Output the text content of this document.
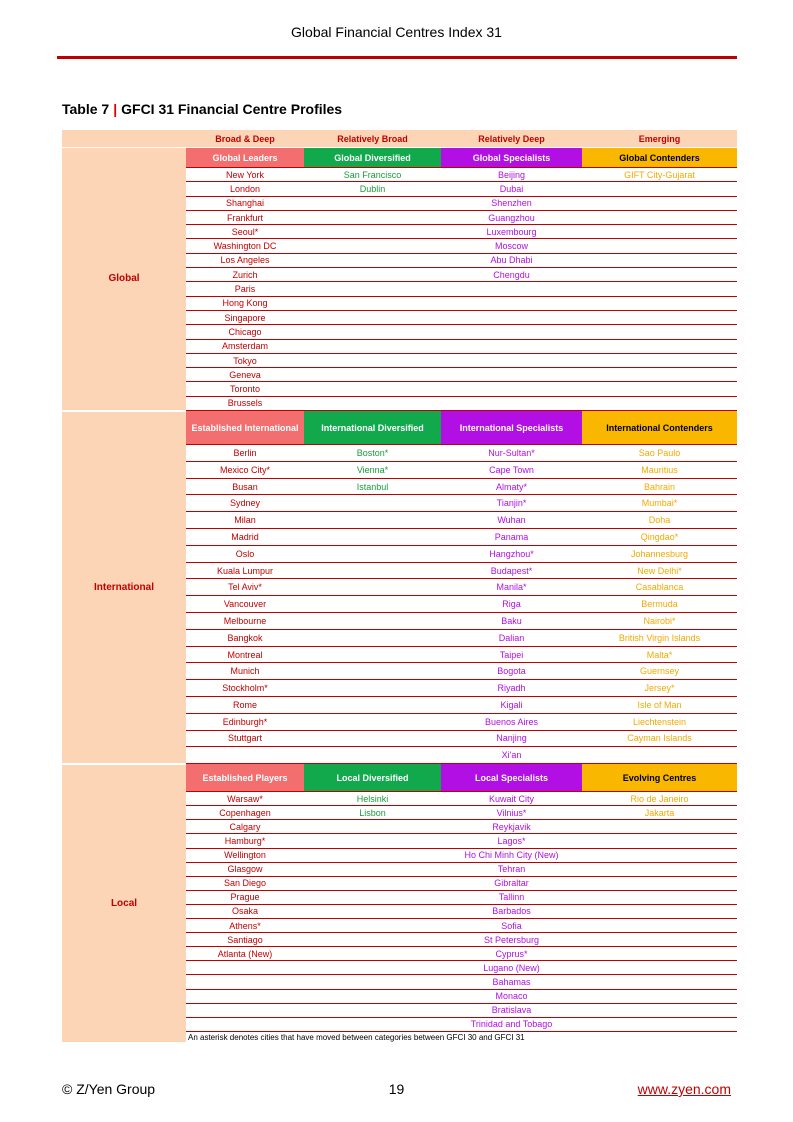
Global Financial Centres Index 31
Table 7 | GFCI 31 Financial Centre Profiles
	Broad & Deep	Relatively Broad	Relatively Deep	Emerging
Global	Global Leaders	Global Diversified	Global Specialists	Global Contenders
	New York	San Francisco	Beijing	GIFT City-Gujarat
	London	Dublin	Dubai	
	Shanghai		Shenzhen	
	Frankfurt		Guangzhou	
	Seoul*		Luxembourg	
	Washington DC		Moscow	
	Los Angeles		Abu Dhabi	
	Zurich		Chengdu	
	Paris			
	Hong Kong			
	Singapore			
	Chicago			
	Amsterdam			
	Tokyo			
	Geneva			
	Toronto			
	Brussels			
International	Established International	International Diversified	International Specialists	International Contenders
	Berlin	Boston*	Nur-Sultan*	Sao Paulo
	Mexico City*	Vienna*	Cape Town	Mauritius
	Busan	Istanbul	Almaty*	Bahrain
	Sydney		Tianjin*	Mumbai*
	Milan		Wuhan	Doha
	Madrid		Panama	Qingdao*
	Oslo		Hangzhou*	Johannesburg
	Kuala Lumpur		Budapest*	New Delhi*
	Tel Aviv*		Manila*	Casablanca
	Vancouver		Riga	Bermuda
	Melbourne		Baku	Nairobi*
	Bangkok		Dalian	British Virgin Islands
	Montreal		Taipei	Malta*
	Munich		Bogota	Guernsey
	Stockholm*		Riyadh	Jersey*
	Rome		Kigali	Isle of Man
	Edinburgh*		Buenos Aires	Liechtenstein
	Stuttgart		Nanjing	Cayman Islands
			Xi'an	
Local	Established Players	Local Diversified	Local Specialists	Evolving Centres
	Warsaw*	Helsinki	Kuwait City	Rio de Janeiro
	Copenhagen	Lisbon	Vilnius*	Jakarta
	Calgary		Reykjavik	
	Hamburg*		Lagos*	
	Wellington		Ho Chi Minh City (New)	
	Glasgow		Tehran	
	San Diego		Gibraltar	
	Prague		Tallinn	
	Osaka		Barbados	
	Athens*		Sofia	
	Santiago		St Petersburg	
	Atlanta (New)		Cyprus*	
			Lugano (New)	
			Bahamas	
			Monaco	
			Bratislava	
			Trinidad and Tobago	
	An asterisk denotes cities that have moved between categories between GFCI 30 and GFCI 31			
© Z/Yen Group	19	www.zyen.com
